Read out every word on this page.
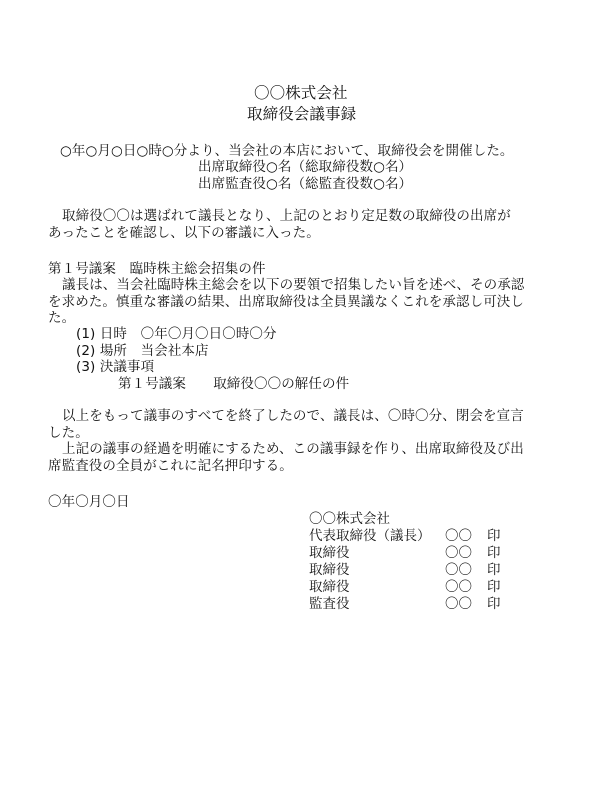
〇〇株式会社
取締役会議事録
○年○月○日○時○分より、当会社の本店において、取締役会を開催した。
出席取締役○名（総取締役数○名）
出席監査役○名（総監査役数○名）
取締役〇〇は選ばれて議長となり、上記のとおり定足数の取締役の出席が
あったことを確認し、以下の審議に入った。
第１号議案　臨時株主総会招集の件
議長は、当会社臨時株主総会を以下の要領で招集したい旨を述べ、その承認
を求めた。慎重な審議の結果、出席取締役は全員異議なくこれを承認し可決し
た。
(1) 日時　〇年〇月〇日〇時〇分
(2) 場所　当会社本店
(3) 決議事項
第１号議案　　取締役〇〇の解任の件
以上をもって議事のすべてを終了したので、議長は、〇時〇分、閉会を宣言
した。
上記の議事の経過を明確にするため、この議事録を作り、出席取締役及び出
席監査役の全員がこれに記名押印する。
〇年〇月〇日
〇〇株式会社
代表取締役（議長） 〇〇 印
取締役	〇〇 印
取締役	〇〇 印
取締役	〇〇 印
監査役	〇〇 印
